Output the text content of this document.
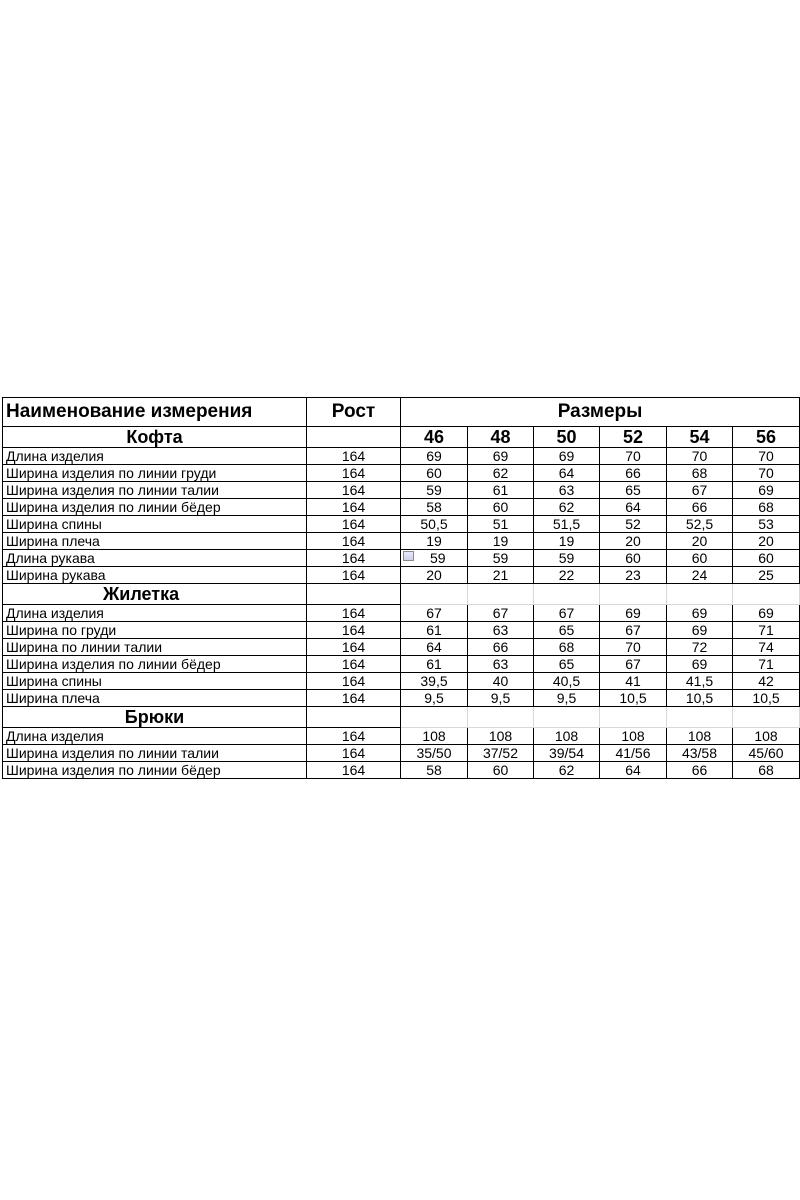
Наименование измерения	Рост	Размеры					
Кофта		46	48	50	52	54	56
Длина изделия	164	69	69	69	70	70	70
Ширина изделия по линии груди	164	60	62	64	66	68	70
Ширина изделия по линии талии	164	59	61	63	65	67	69
Ширина изделия по линии бёдер	164	58	60	62	64	66	68
Ширина спины	164	50,5	51	51,5	52	52,5	53
Ширина плеча	164	19	19	19	20	20	20
Длина рукава	164	59	59	59	60	60	60
Ширина рукава	164	20	21	22	23	24	25
Жилетка							
Длина изделия	164	67	67	67	69	69	69
Ширина по груди	164	61	63	65	67	69	71
Ширина по линии талии	164	64	66	68	70	72	74
Ширина изделия по линии бёдер	164	61	63	65	67	69	71
Ширина спины	164	39,5	40	40,5	41	41,5	42
Ширина плеча	164	9,5	9,5	9,5	10,5	10,5	10,5
Брюки							
Длина изделия	164	108	108	108	108	108	108
Ширина изделия по линии талии	164	35/50	37/52	39/54	41/56	43/58	45/60
Ширина изделия по линии бёдер	164	58	60	62	64	66	68
